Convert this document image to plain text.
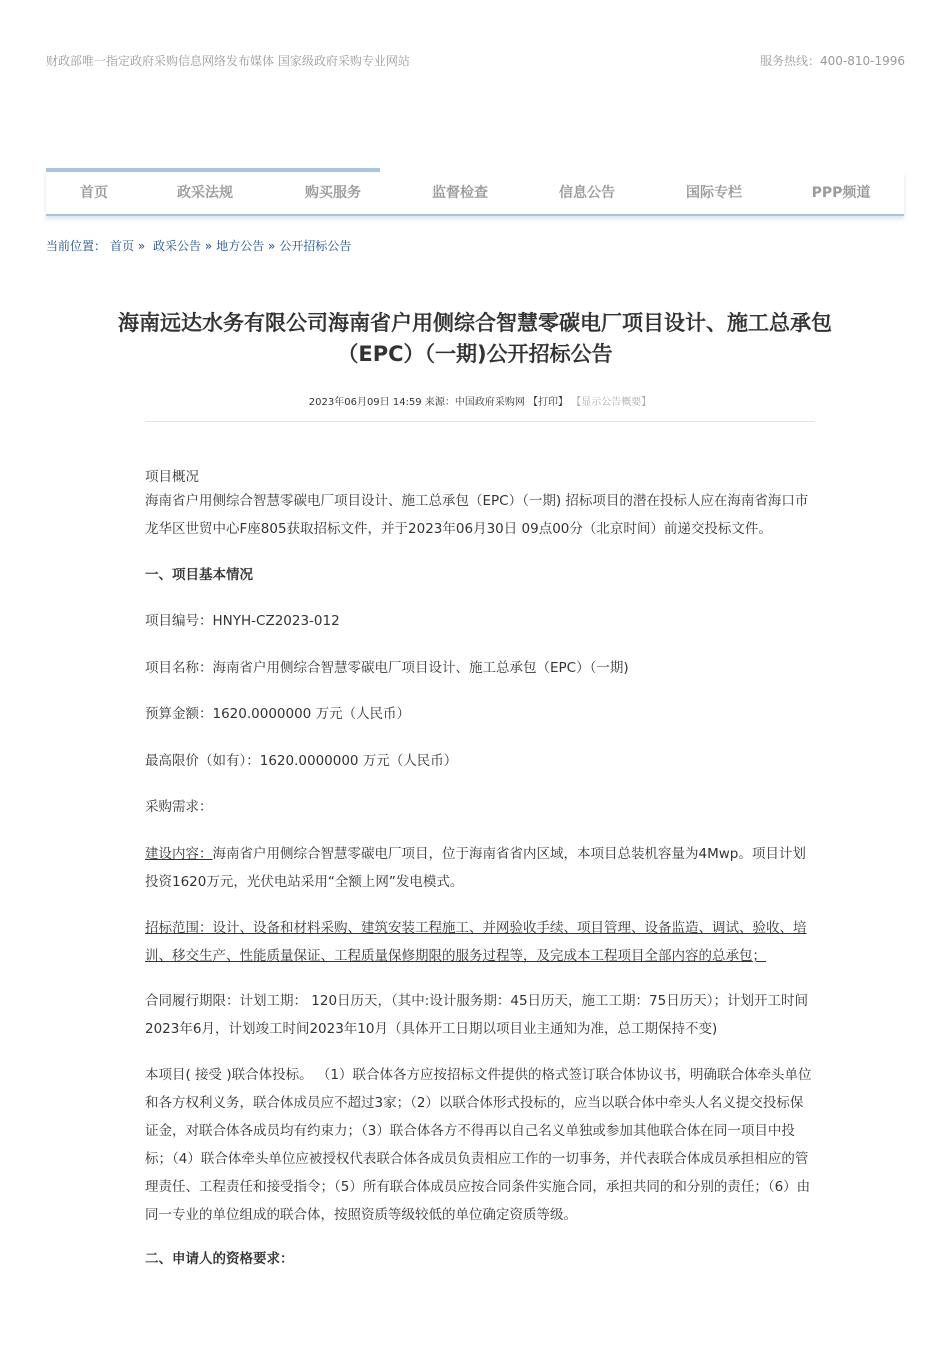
财政部唯一指定政府采购信息网络发布媒体 国家级政府采购专业网站	服务热线：400-810-1996
首页	政采法规	购买服务	监督检查	信息公告	国际专栏	PPP频道
当前位置： 首页 » 政采公告 » 地方公告 » 公开招标公告
海南远达水务有限公司海南省户用侧综合智慧零碳电厂项目设计、施工总承包
（EPC）（一期)公开招标公告
2023年06月09日 14:59 来源：中国政府采购网 【打印】 【显示公告概要】
项目概况
海南省户用侧综合智慧零碳电厂项目设计、施工总承包（EPC）（一期) 招标项目的潜在投标人应在海南省海口市龙华区世贸中心F座805获取招标文件，并于2023年06月30日 09点00分（北京时间）前递交投标文件。
一、项目基本情况
项目编号：HNYH-CZ2023-012
项目名称：海南省户用侧综合智慧零碳电厂项目设计、施工总承包（EPC）（一期)
预算金额：1620.0000000 万元（人民币）
最高限价（如有）：1620.0000000 万元（人民币）
采购需求：
建设内容：海南省户用侧综合智慧零碳电厂项目，位于海南省省内区域，本项目总装机容量为4Mwp。项目计划投资1620万元，光伏电站采用“全额上网”发电模式。
招标范围：设计、设备和材料采购、建筑安装工程施工、并网验收手续、项目管理、设备监造、调试、验收、培训、移交生产、性能质量保证、工程质量保修期限的服务过程等，及完成本工程项目全部内容的总承包；
合同履行期限：计划工期： 120日历天，（其中:设计服务期：45日历天，施工工期：75日历天）；计划开工时间2023年6月，计划竣工时间2023年10月（具体开工日期以项目业主通知为准，总工期保持不变)
本项目( 接受 )联合体投标。 （1）联合体各方应按招标文件提供的格式签订联合体协议书，明确联合体牵头单位和各方权利义务，联合体成员应不超过3家；（2）以联合体形式投标的，应当以联合体中牵头人名义提交投标保证金，对联合体各成员均有约束力；（3）联合体各方不得再以自己名义单独或参加其他联合体在同一项目中投标；（4）联合体牵头单位应被授权代表联合体各成员负责相应工作的一切事务，并代表联合体成员承担相应的管理责任、工程责任和接受指令；（5）所有联合体成员应按合同条件实施合同，承担共同的和分别的责任；（6）由同一专业的单位组成的联合体，按照资质等级较低的单位确定资质等级。
二、申请人的资格要求：
